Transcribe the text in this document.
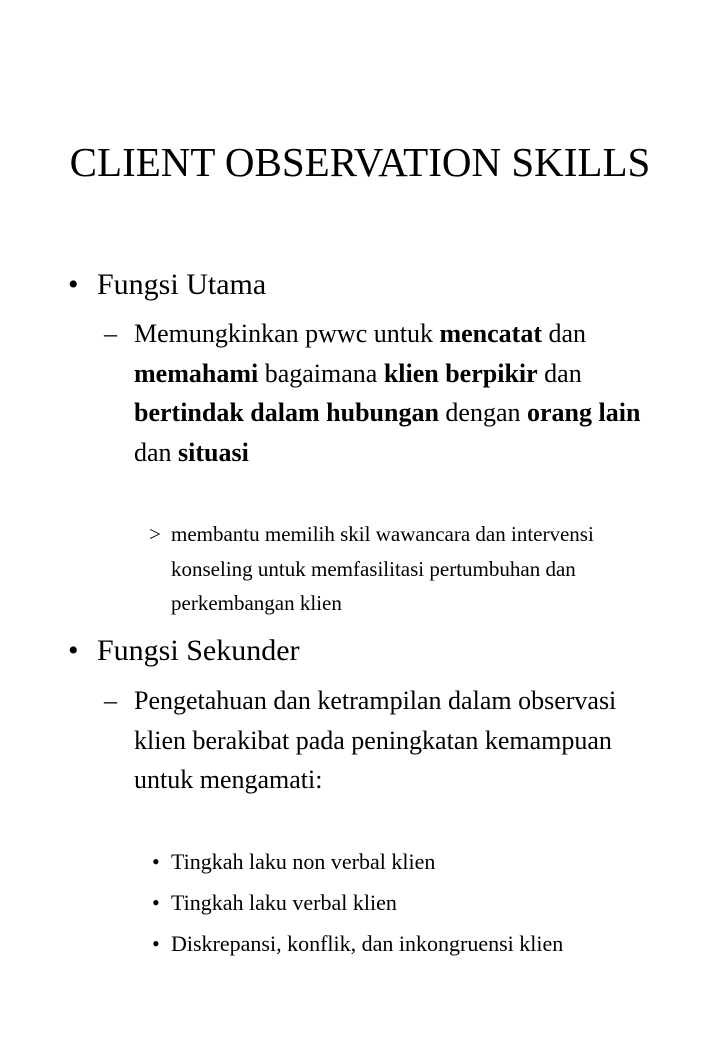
CLIENT OBSERVATION SKILLS
• Fungsi Utama
– Memungkinkan pwwc untuk mencatat dan memahami bagaimana klien berpikir dan bertindak dalam hubungan dengan orang lain dan situasi
> membantu memilih skil wawancara dan intervensi konseling untuk memfasilitasi pertumbuhan dan perkembangan klien
• Fungsi Sekunder
– Pengetahuan dan ketrampilan dalam observasi klien berakibat pada peningkatan kemampuan untuk mengamati:
• Tingkah laku non verbal klien
• Tingkah laku verbal klien
• Diskrepansi, konflik, dan inkongruensi klien
